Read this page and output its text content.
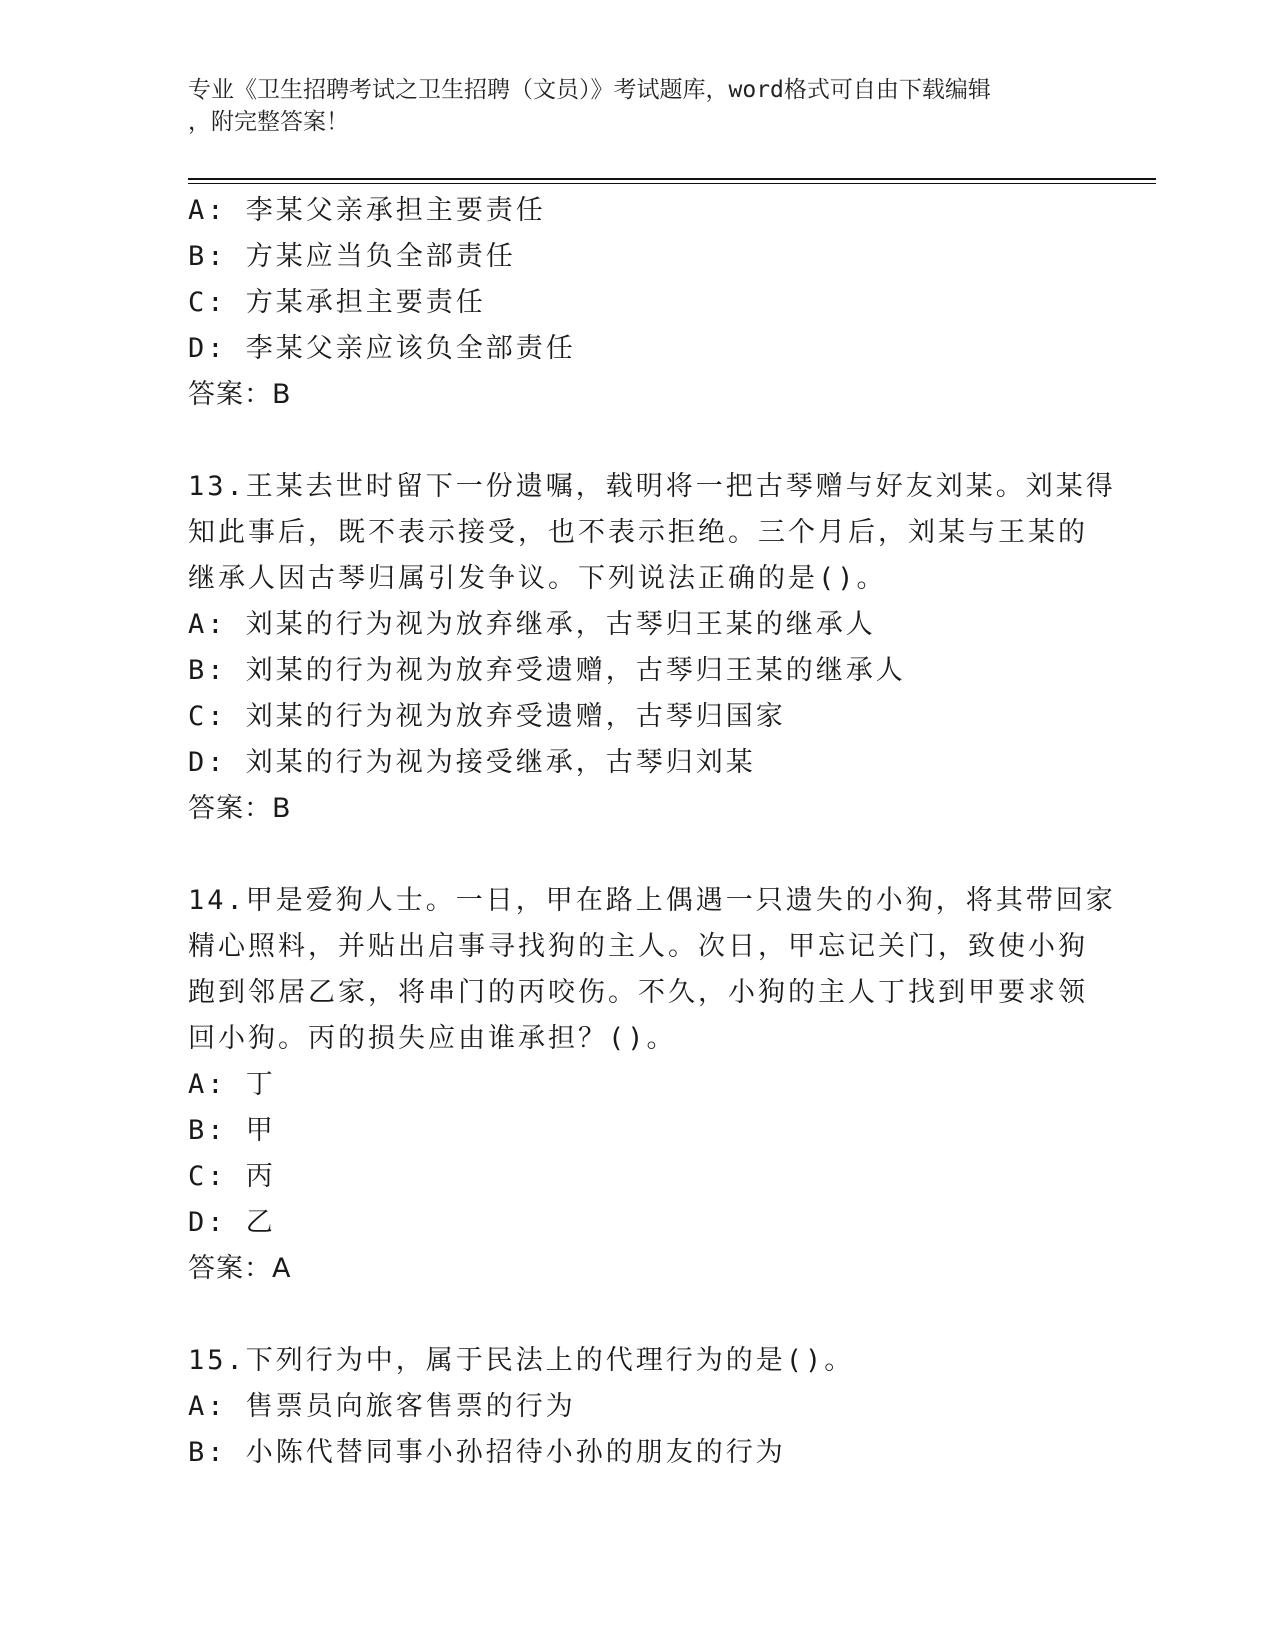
专业《卫生招聘考试之卫生招聘（文员）》考试题库，word格式可自由下载编辑
，附完整答案！
A: 李某父亲承担主要责任
B: 方某应当负全部责任
C: 方某承担主要责任
D: 李某父亲应该负全部责任
答案：B
13.王某去世时留下一份遗嘱，载明将一把古琴赠与好友刘某。刘某得
知此事后，既不表示接受，也不表示拒绝。三个月后，刘某与王某的
继承人因古琴归属引发争议。下列说法正确的是()。
A: 刘某的行为视为放弃继承，古琴归王某的继承人
B: 刘某的行为视为放弃受遗赠，古琴归王某的继承人
C: 刘某的行为视为放弃受遗赠，古琴归国家
D: 刘某的行为视为接受继承，古琴归刘某
答案：B
14.甲是爱狗人士。一日，甲在路上偶遇一只遗失的小狗，将其带回家
精心照料，并贴出启事寻找狗的主人。次日，甲忘记关门，致使小狗
跑到邻居乙家，将串门的丙咬伤。不久，小狗的主人丁找到甲要求领
回小狗。丙的损失应由谁承担？()。
A: 丁
B: 甲
C: 丙
D: 乙
答案：A
15.下列行为中，属于民法上的代理行为的是()。
A: 售票员向旅客售票的行为
B: 小陈代替同事小孙招待小孙的朋友的行为
